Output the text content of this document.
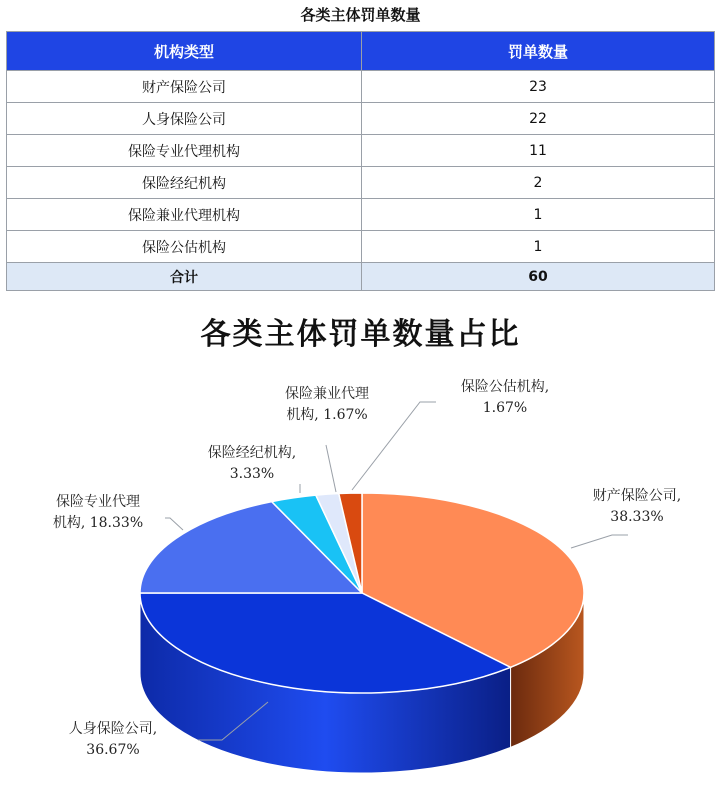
各类主体罚单数量
机构类型	罚单数量
财产保险公司	23
人身保险公司	22
保险专业代理机构	11
保险经纪机构	2
保险兼业代理机构	1
保险公估机构	1
合计	60
各类主体罚单数量占比
财产保险公司,
38.33%
人身保险公司,
36.67%
保险专业代理
机构, 18.33%
保险经纪机构,
3.33%
保险兼业代理
机构, 1.67%
保险公估机构,
1.67%
